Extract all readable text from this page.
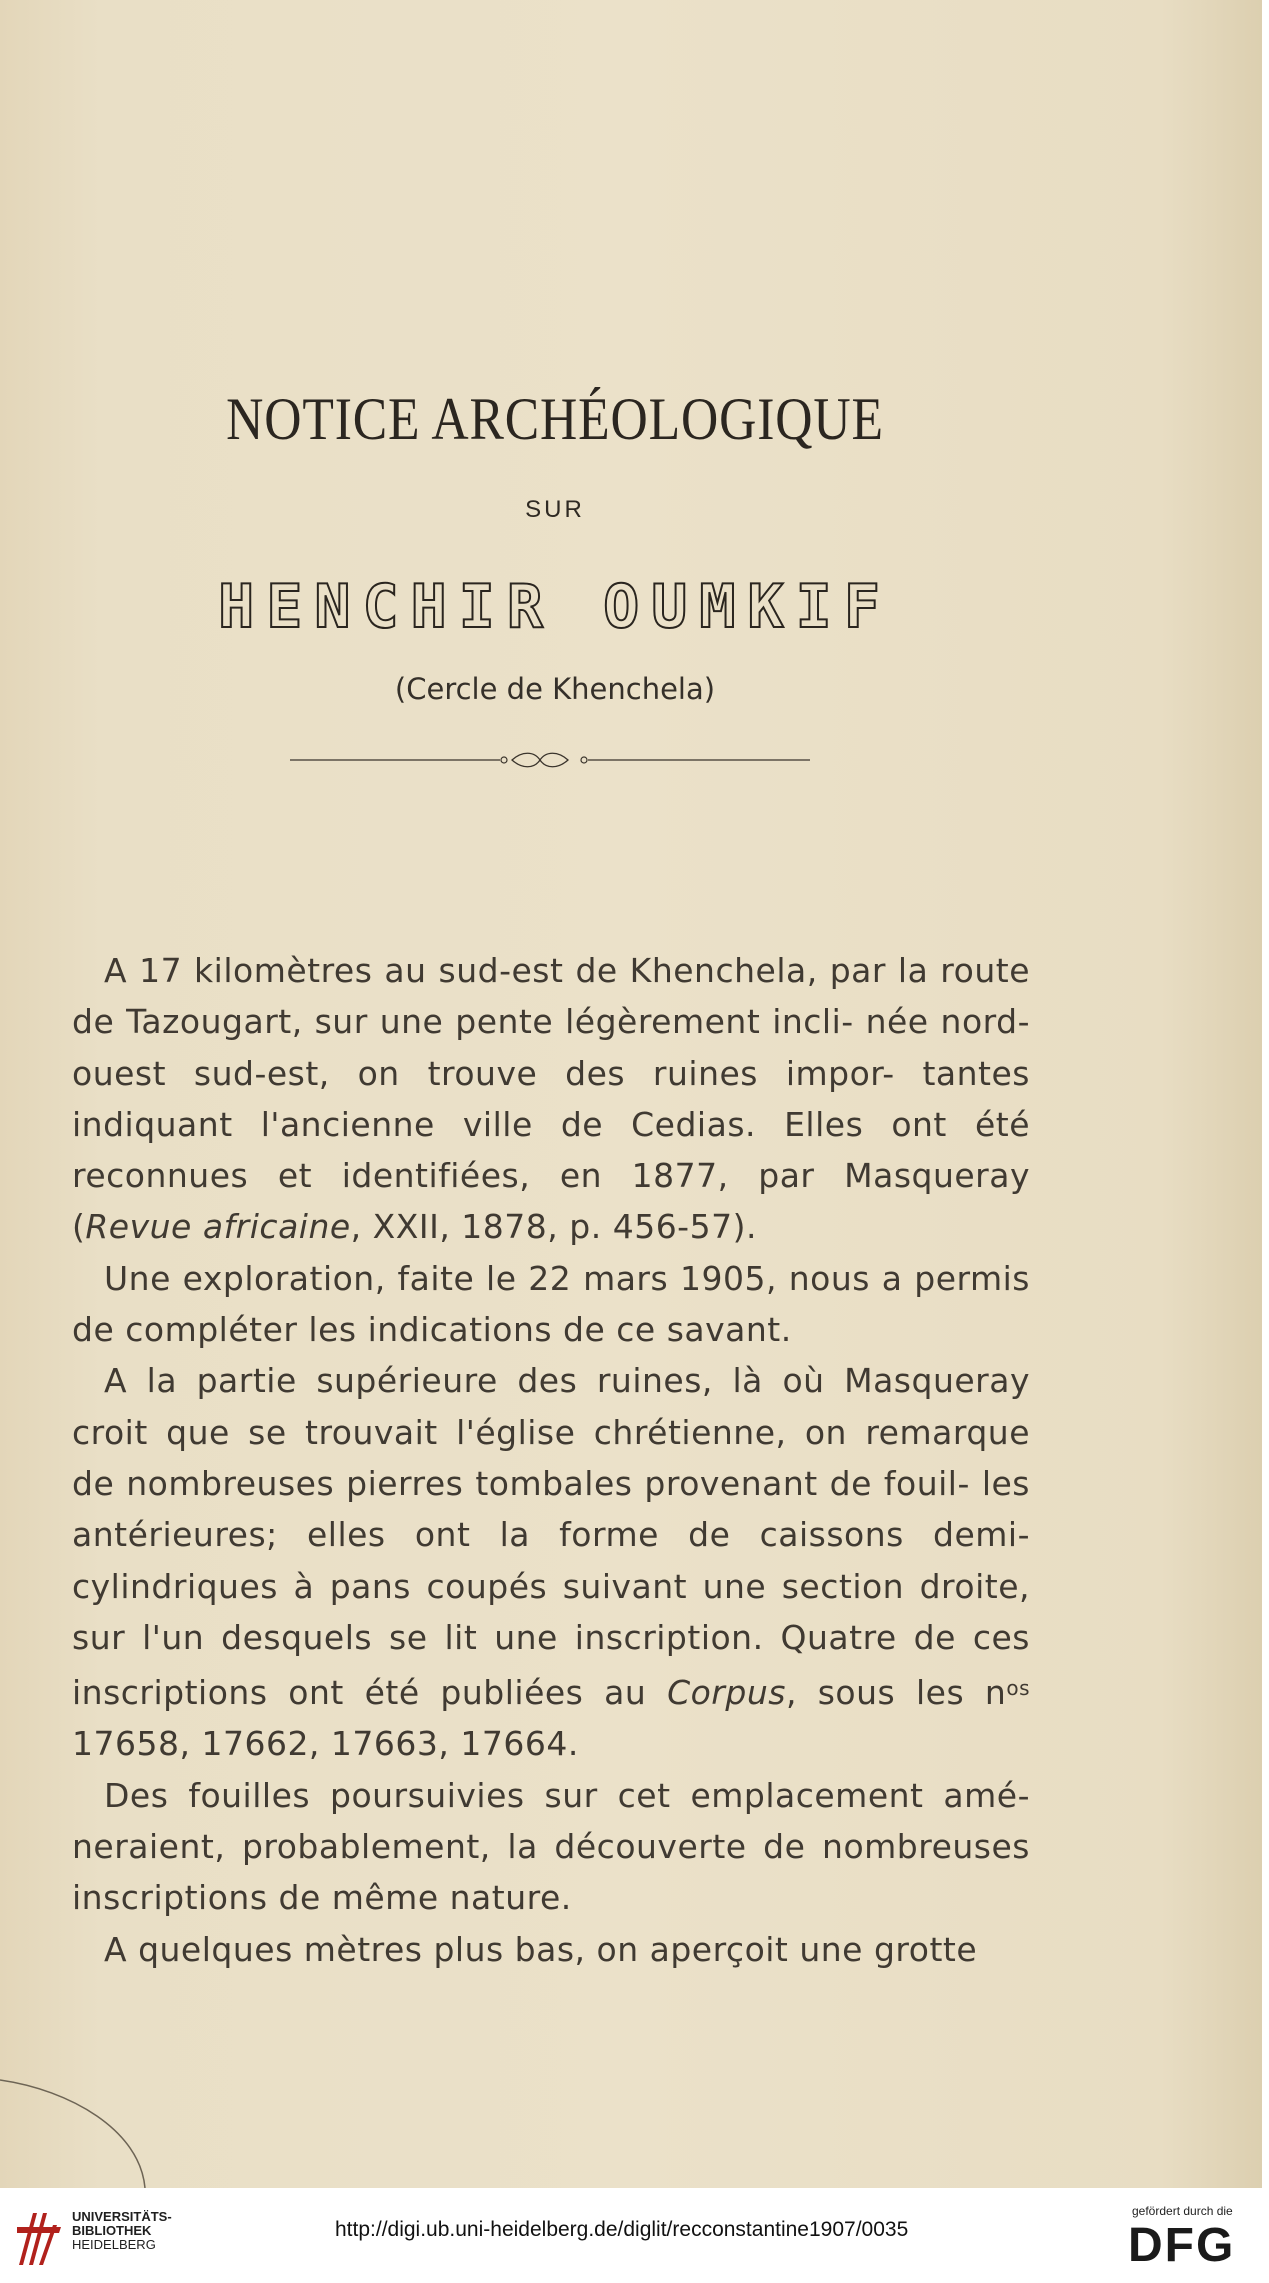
NOTICE ARCHÉOLOGIQUE
SUR
HENCHIR OUMKIF
(Cercle de Khenchela)

A 17 kilomètres au sud-est de Khenchela, par la route de Tazougart, sur une pente légèrement incli- née nord-ouest sud-est, on trouve des ruines impor- tantes indiquant l'ancienne ville de Cedias. Elles ont été reconnues et identifiées, en 1877, par Masqueray (Revue africaine, XXII, 1878, p. 456-57).

Une exploration, faite le 22 mars 1905, nous a permis de compléter les indications de ce savant.

A la partie supérieure des ruines, là où Masqueray croit que se trouvait l'église chrétienne, on remarque de nombreuses pierres tombales provenant de fouil- les antérieures; elles ont la forme de caissons demi- cylindriques à pans coupés suivant une section droite, sur l'un desquels se lit une inscription. Quatre de ces inscriptions ont été publiées au Corpus, sous les $n^{os}$ 17658, 17662, 17663, 17664.

Des fouilles poursuivies sur cet emplacement amé- neraient, probablement, la découverte de nombreuses inscriptions de même nature.

A quelques mètres plus bas, on aperçoit une grotte

UNIVERSITÄTS-
BIBLIOTHEK
HEIDELBERG
http://digi.ub.uni-heidelberg.de/diglit/recconstantine1907/0035
gefördert durch die
DFG
